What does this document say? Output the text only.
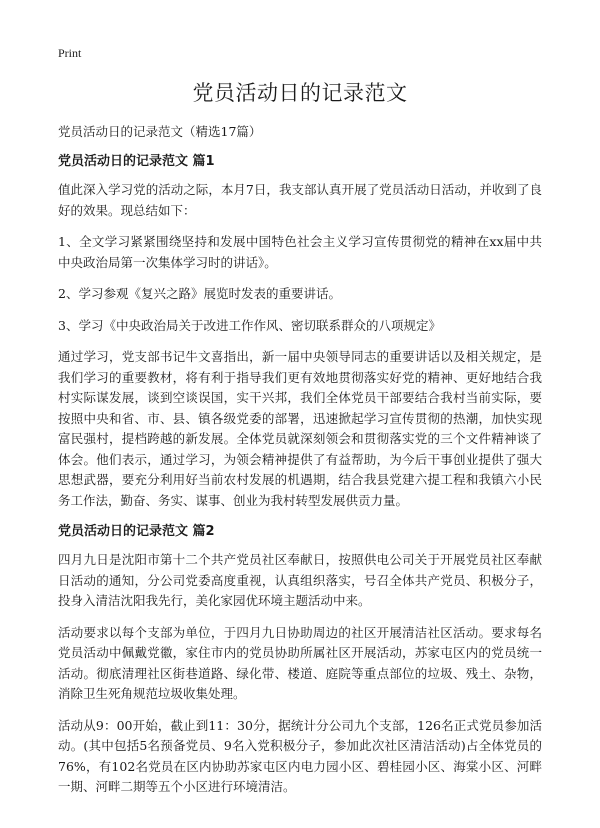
Print
党员活动日的记录范文

党员活动日的记录范文（精选17篇）

党员活动日的记录范文 篇1

值此深入学习党的活动之际，本月7日，我支部认真开展了党员活动日活动，并收到了良好的效果。现总结如下：

1、全文学习紧紧围绕坚持和发展中国特色社会主义学习宣传贯彻党的精神在xx届中共中央政治局第一次集体学习时的讲话》。

2、学习参观《复兴之路》展览时发表的重要讲话。

3、学习《中央政治局关于改进工作作风、密切联系群众的八项规定》

通过学习，党支部书记牛文喜指出，新一届中央领导同志的重要讲话以及相关规定，是我们学习的重要教材，将有利于指导我们更有效地贯彻落实好党的精神、更好地结合我村实际谋发展，谈到空谈误国，实干兴邦，我们全体党员干部要结合我村当前实际，要按照中央和省、市、县、镇各级党委的部署，迅速掀起学习宣传贯彻的热潮，加快实现富民强村，提档跨越的新发展。全体党员就深刻领会和贯彻落实党的三个文件精神谈了体会。他们表示，通过学习，为领会精神提供了有益帮助，为今后干事创业提供了强大思想武器，要充分利用好当前农村发展的机遇期，结合我县党建六提工程和我镇六小民务工作法，勤奋、务实、谋事、创业为我村转型发展供贡力量。

党员活动日的记录范文 篇2

四月九日是沈阳市第十二个共产党员社区奉献日，按照供电公司关于开展党员社区奉献日活动的通知，分公司党委高度重视，认真组织落实，号召全体共产党员、积极分子，投身入清洁沈阳我先行，美化家园优环境主题活动中来。

活动要求以每个支部为单位，于四月九日协助周边的社区开展清洁社区活动。要求每名党员活动中佩戴党徽，家住市内的党员协助所属社区开展活动，苏家屯区内的党员统一活动。彻底清理社区街巷道路、绿化带、楼道、庭院等重点部位的垃圾、残土、杂物，消除卫生死角规范垃圾收集处理。

活动从9：00开始，截止到11：30分，据统计分公司九个支部，126名正式党员参加活动。(其中包括5名预备党员、9名入党积极分子，参加此次社区清洁活动)占全体党员的76%，有102名党员在区内协助苏家屯区内电力园小区、碧桂园小区、海棠小区、河畔一期、河畔二期等五个小区进行环境清洁。
